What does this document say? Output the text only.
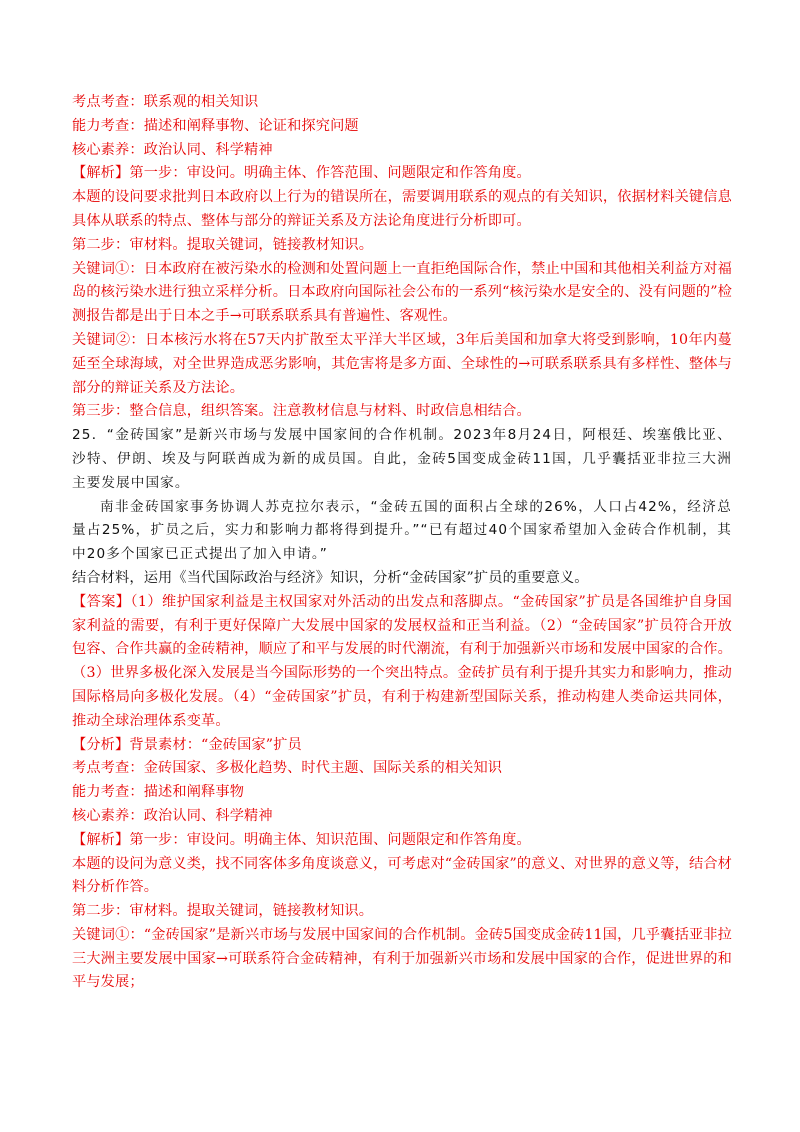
考点考查：联系观的相关知识

能力考查：描述和阐释事物、论证和探究问题

核心素养：政治认同、科学精神

【解析】第一步：审设问。明确主体、作答范围、问题限定和作答角度。

本题的设问要求批判日本政府以上行为的错误所在，需要调用联系的观点的有关知识，依据材料关键信息具体从联系的特点、整体与部分的辩证关系及方法论角度进行分析即可。

第二步：审材料。提取关键词，链接教材知识。

关键词①：日本政府在被污染水的检测和处置问题上一直拒绝国际合作，禁止中国和其他相关利益方对福岛的核污染水进行独立采样分析。日本政府向国际社会公布的一系列“核污染水是安全的、没有问题的”检测报告都是出于日本之手→可联系联系具有普遍性、客观性。

关键词②：日本核污水将在57天内扩散至太平洋大半区域，3年后美国和加拿大将受到影响，10年内蔓延至全球海域，对全世界造成恶劣影响，其危害将是多方面、全球性的→可联系联系具有多样性、整体与部分的辩证关系及方法论。

第三步：整合信息，组织答案。注意教材信息与材料、时政信息相结合。

25．“金砖国家”是新兴市场与发展中国家间的合作机制。2023年8月24日，阿根廷、埃塞俄比亚、沙特、伊朗、埃及与阿联酋成为新的成员国。自此，金砖5国变成金砖11国，几乎囊括亚非拉三大洲主要发展中国家。

南非金砖国家事务协调人苏克拉尔表示，“金砖五国的面积占全球的26%，人口占42%，经济总量占25%，扩员之后，实力和影响力都将得到提升。”“已有超过40个国家希望加入金砖合作机制，其中20多个国家已正式提出了加入申请。”

结合材料，运用《当代国际政治与经济》知识，分析“金砖国家”扩员的重要意义。

【答案】（1）维护国家利益是主权国家对外活动的出发点和落脚点。“金砖国家”扩员是各国维护自身国家利益的需要，有利于更好保障广大发展中国家的发展权益和正当利益。（2）“金砖国家”扩员符合开放包容、合作共赢的金砖精神，顺应了和平与发展的时代潮流，有利于加强新兴市场和发展中国家的合作。（3）世界多极化深入发展是当今国际形势的一个突出特点。金砖扩员有利于提升其实力和影响力，推动国际格局向多极化发展。（4）“金砖国家”扩员，有利于构建新型国际关系，推动构建人类命运共同体，推动全球治理体系变革。

【分析】背景素材：“金砖国家”扩员

考点考查：金砖国家、多极化趋势、时代主题、国际关系的相关知识

能力考查：描述和阐释事物

核心素养：政治认同、科学精神

【解析】第一步：审设问。明确主体、知识范围、问题限定和作答角度。

本题的设问为意义类，找不同客体多角度谈意义，可考虑对“金砖国家”的意义、对世界的意义等，结合材料分析作答。

第二步：审材料。提取关键词，链接教材知识。

关键词①：“金砖国家”是新兴市场与发展中国家间的合作机制。金砖5国变成金砖11国，几乎囊括亚非拉三大洲主要发展中国家→可联系符合金砖精神，有利于加强新兴市场和发展中国家的合作，促进世界的和平与发展；
